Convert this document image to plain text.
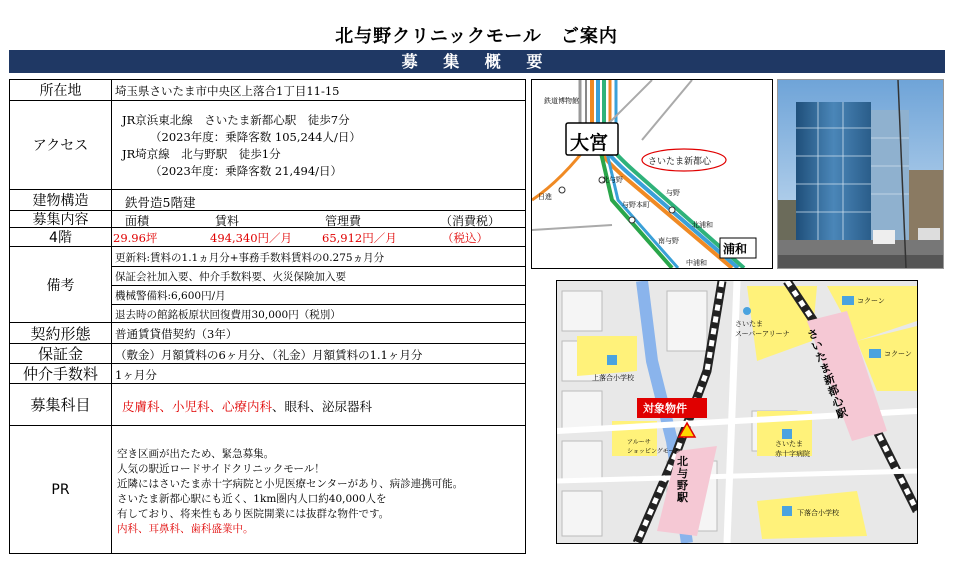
北与野クリニックモール　ご案内
募 集 概 要
所在地	埼玉県さいたま市中央区上落合1丁目11-15
アクセス
JR京浜東北線　さいたま新都心駅　徒歩7分
（2023年度：乗降客数 105,244人/日）
JR埼京線　北与野駅　徒歩1分
（2023年度：乗降客数 21,494/日）
建物構造	鉄骨造5階建
募集内容	面積	賃料	管理費	（消費税）
4階	29.96坪	494,340円／月	65,912円／月	（税込）
備考
更新料:賃料の1.1ヵ月分+事務手数料賃料の0.275ヵ月分
保証会社加入要、仲介手数料要、火災保険加入要
機械警備料:6,600円/月
退去時の館銘板原状回復費用30,000円（税別）
契約形態	普通賃貸借契約（3年）
保証金	（敷金）月額賃料の6ヶ月分、（礼金）月額賃料の1.1ヶ月分
仲介手数料	1ヶ月分
募集科目	皮膚科、小児科、心療内科、眼科、泌尿器科
PR
空き区画が出たため、緊急募集。
人気の駅近ロードサイドクリニックモール！
近隣にはさいたま赤十字病院と小児医療センターがあり、病診連携可能。
さいたま新都心駅にも近く、1km圏内人口約40,000人を
有しており、将来性もあり医院開業には抜群な物件です。
内科、耳鼻科、歯科盛業中。
大宮
浦和
さいたま新都心
鉄道博物館
北与野
与野
与野本町
北浦和
南与野
日進
中浦和
対象物件
北与野駅
さいたま新都心駅
さいたま
スーパーアリーナ
さいたま
赤十字病院
上落合小学校
下落合小学校
アルーサ
ショッピングモール
コクーン
コクーン
